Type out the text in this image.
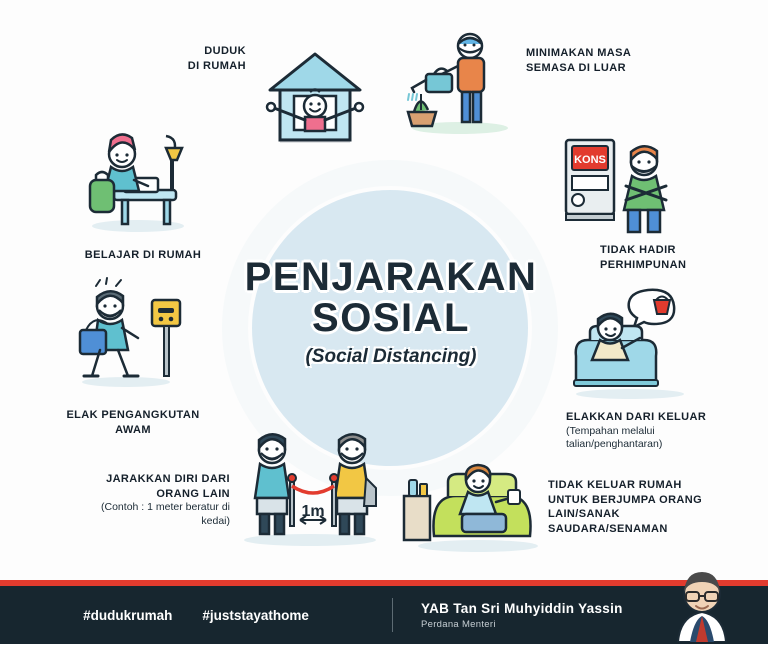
PENJARAKAN
SOSIAL
(Social Distancing)
DUDUK
DI RUMAH
MINIMAKAN MASA
SEMASA DI LUAR
BELAJAR DI RUMAH
KONS
TIDAK HADIR
PERHIMPUNAN
ELAK PENGANGKUTAN
AWAM
ELAKKAN DARI KELUAR
(Tempahan melalui talian/penghantaran)
1m
JARAKKAN DIRI DARI
ORANG LAIN
(Contoh : 1 meter beratur di kedai)
TIDAK KELUAR RUMAH
UNTUK BERJUMPA ORANG LAIN/SANAK SAUDARA/SENAMAN
#dudukrumah #juststayathome	YAB Tan Sri Muhyiddin Yassin
Perdana Menteri
